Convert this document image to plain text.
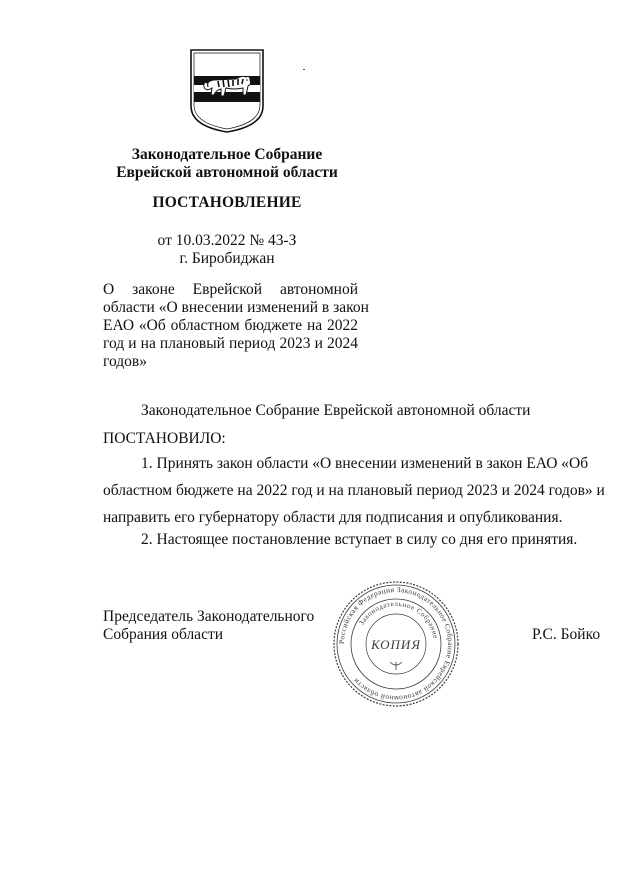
Законодательное Собрание
Еврейской автономной области
ПОСТАНОВЛЕНИЕ
от 10.03.2022 № 43-З
г. Биробиджан
О законе Еврейской автономной
области «О внесении изменений в закон
ЕАО «Об областном бюджете на 2022
год и на плановый период 2023 и 2024
годов»
Законодательное Собрание Еврейской автономной области
ПОСТАНОВИЛО:
1. Принять закон области «О внесении изменений в закон ЕАО «Об
областном бюджете на 2022 год и на плановый период 2023 и 2024 годов» и
направить его губернатору области для подписания и опубликования.
2. Настоящее постановление вступает в силу со дня его принятия.
Председатель Законодательного
Собрания области	Российская Федерация Законодательное Собрание Еврейской автономной области
Законодательное Собрание
КОПИЯ
Р.С. Бойко
